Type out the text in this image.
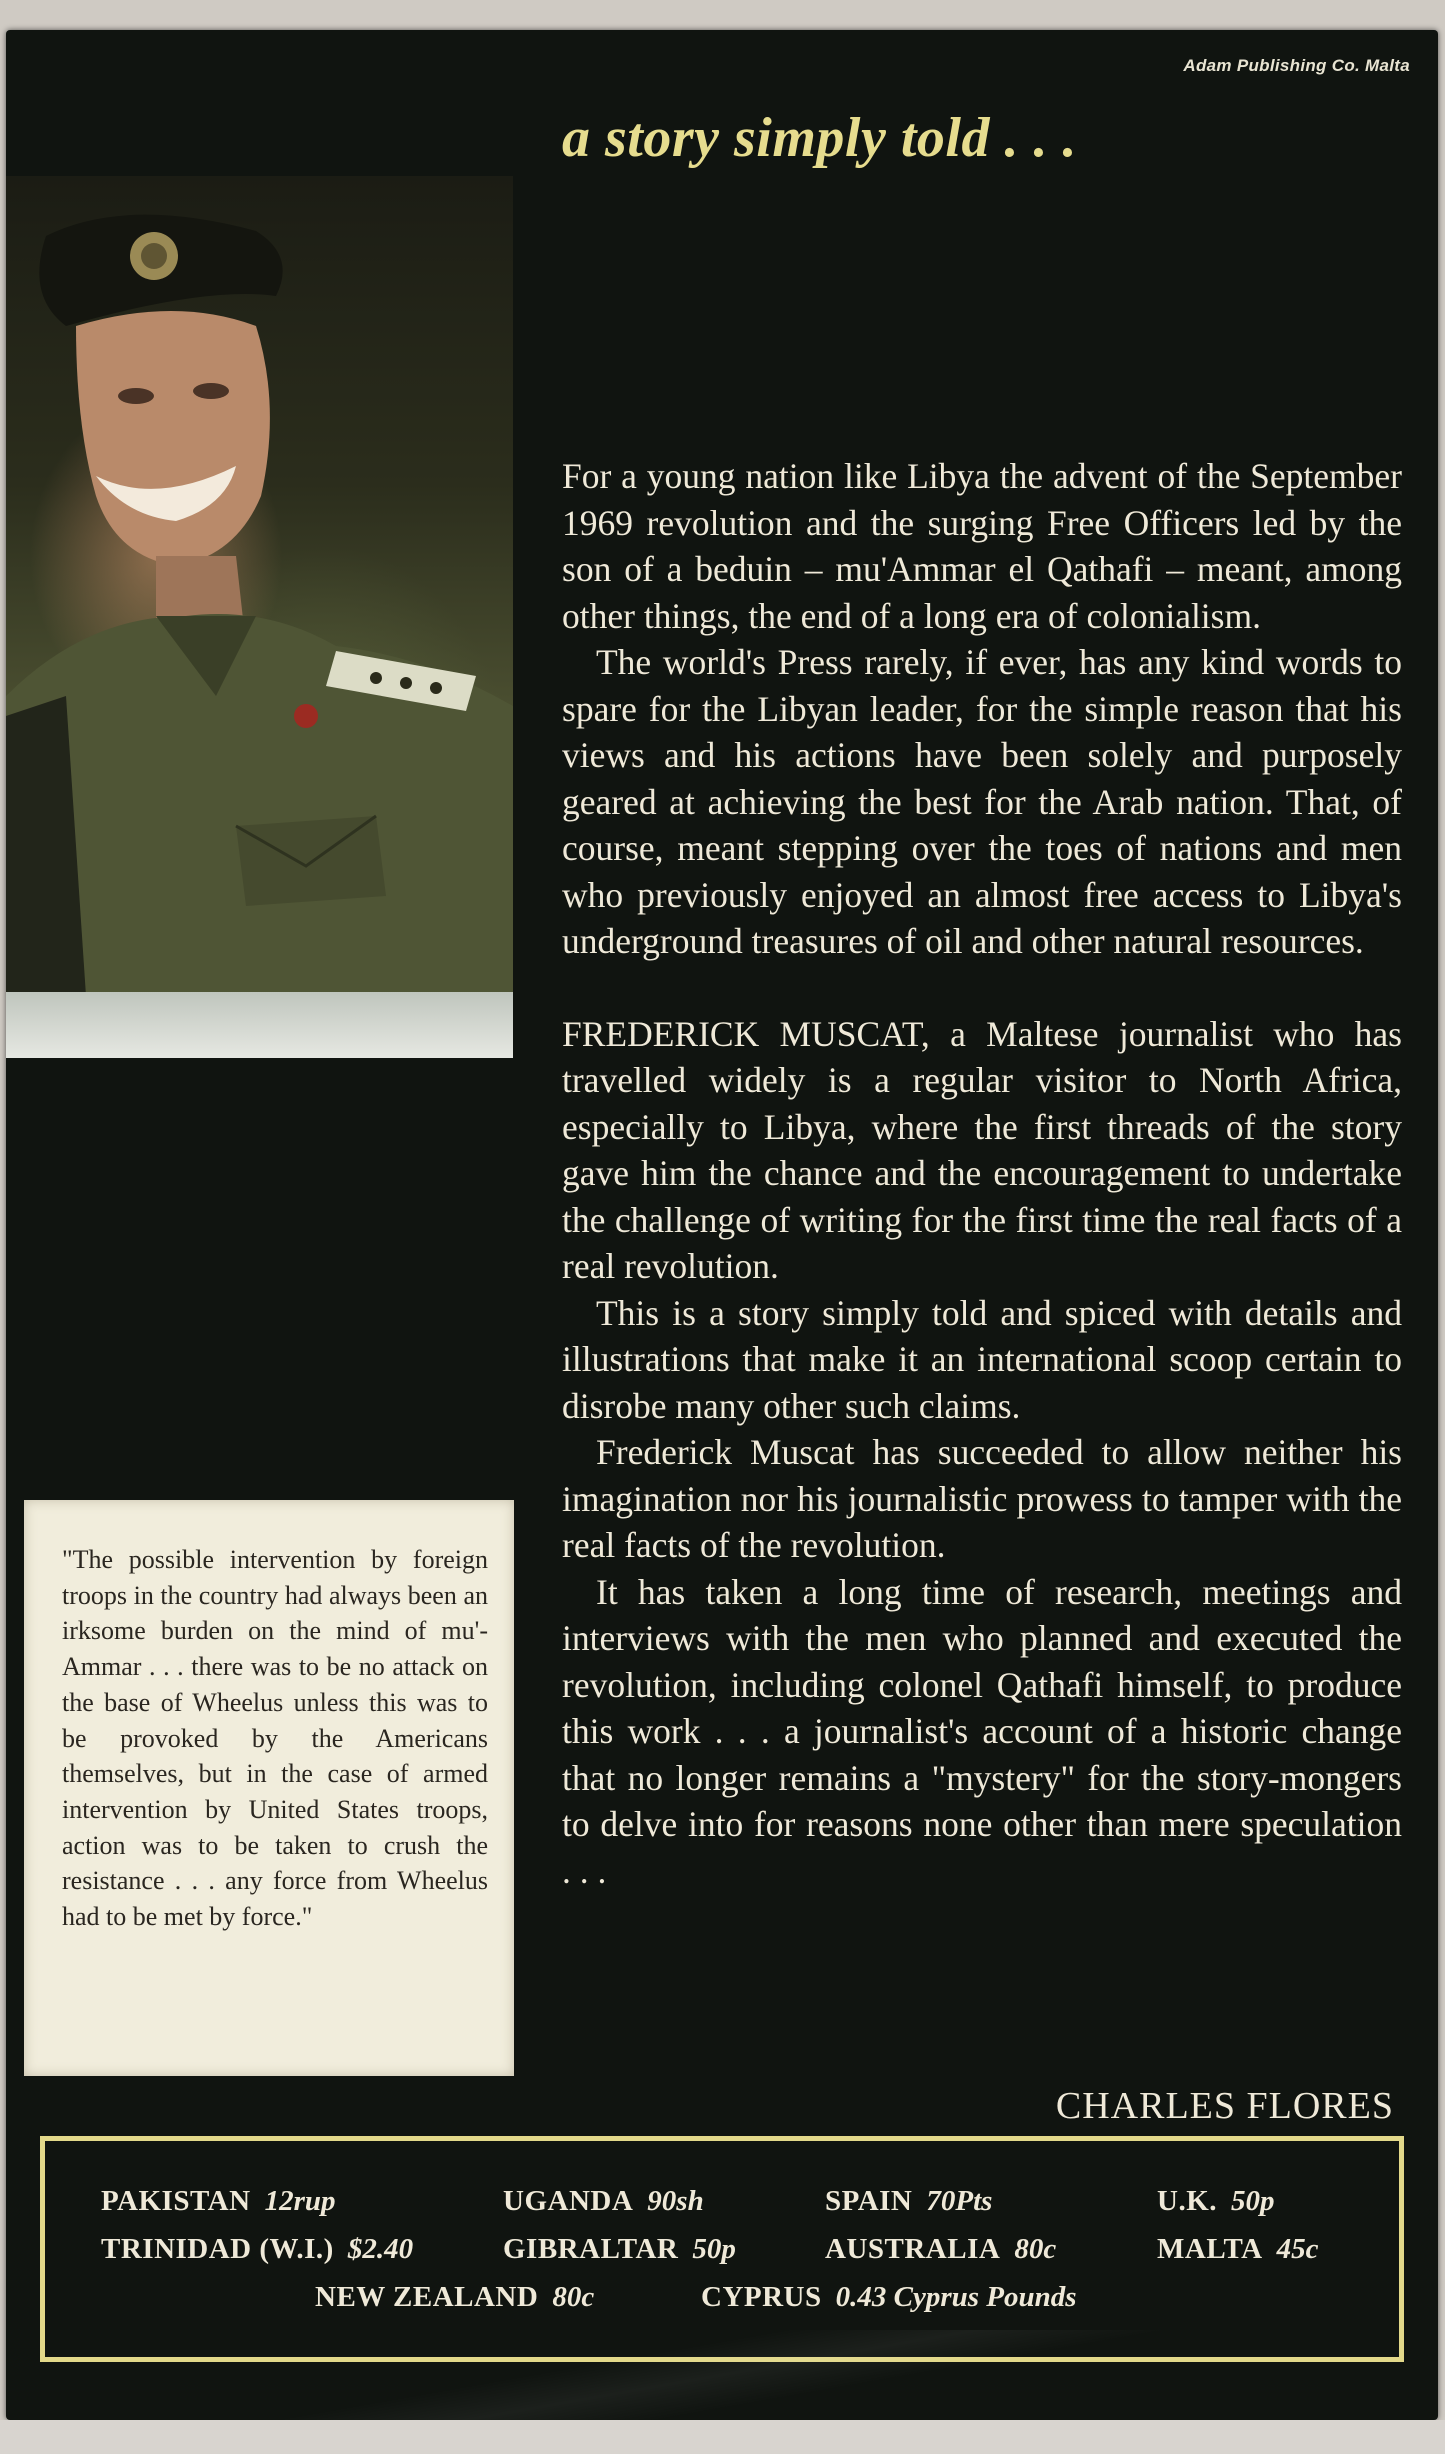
Adam Publishing Co. Malta
a story simply told . . .

For a young nation like Libya the advent of the September 1969 revolution and the surging Free Officers led by the son of a beduin – mu'Ammar el Qathafi – meant, among other things, the end of a long era of colonialism.

The world's Press rarely, if ever, has any kind words to spare for the Libyan leader, for the simple reason that his views and his actions have been solely and purposely geared at achieving the best for the Arab nation. That, of course, meant stepping over the toes of nations and men who previously enjoyed an almost free access to Libya's underground treasures of oil and other natural resources.

FREDERICK MUSCAT, a Maltese journalist who has travelled widely is a regular visitor to North Africa, especially to Libya, where the first threads of the story gave him the chance and the encouragement to undertake the challenge of writing for the first time the real facts of a real revolution.

This is a story simply told and spiced with details and illustrations that make it an international scoop certain to disrobe many other such claims.

Frederick Muscat has succeeded to allow neither his imagination nor his journalistic prowess to tamper with the real facts of the revolution.

It has taken a long time of research, meetings and interviews with the men who planned and executed the revolution, including colonel Qathafi himself, to produce this work . . . a journalist's account of a historic change that no longer remains a "mystery" for the story-mongers to delve into for reasons none other than mere speculation . . .

CHARLES FLORES
"The possible intervention by foreign troops in the country had always been an irksome burden on the mind of mu'-Ammar . . . there was to be no attack on the base of Wheelus unless this was to be provoked by the Americans themselves, but in the case of armed intervention by United States troops, action was to be taken to crush the resistance . . . any force from Wheelus had to be met by force."
PAKISTAN 12rup	UGANDA 90sh	SPAIN 70Pts	U.K. 50p
TRINIDAD (W.I.) $2.40	GIBRALTAR 50p	AUSTRALIA 80c	MALTA 45c
NEW ZEALAND 80c	CYPRUS 0.43 Cyprus Pounds
